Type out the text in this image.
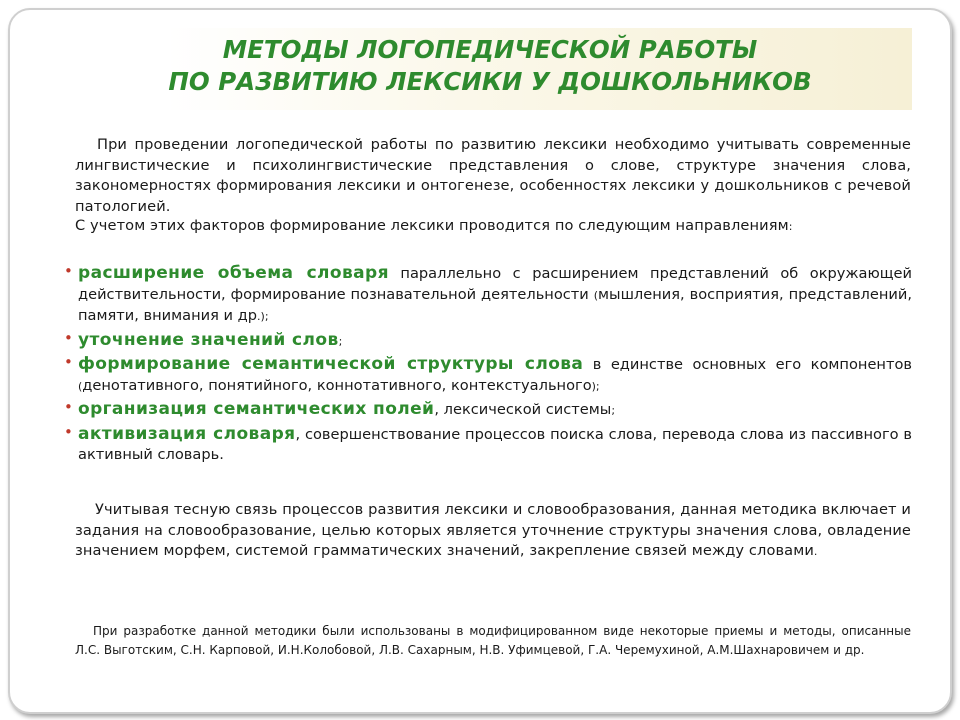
МЕТОДЫ ЛОГОПЕДИЧЕСКОЙ РАБОТЫ
ПО РАЗВИТИЮ ЛЕКСИКИ У ДОШКОЛЬНИКОВ
При проведении логопедической работы по развитию лексики необходимо учитывать современные лингвистические и психолингвистические представления о слове, структуре значения слова, закономерностях формирования лексики и онтогенезе, особенностях лексики у дошкольников с речевой патологией.
С учетом этих факторов формирование лексики проводится по следующим направлениям:
• расширение объема словаря параллельно с расширением представлений об окружающей действительности, формирование познавательной деятельности (мышления, восприятия, представлений, памяти, внимания и др.);
• уточнение значений слов;
• формирование семантической структуры слова в единстве основных его компонентов (денотативного, понятийного, коннотативного, контекстуального);
• организация семантических полей, лексической системы;
• активизация словаря, совершенствование процессов поиска слова, перевода слова из пассивного в активный словарь.
Учитывая тесную связь процессов развития лексики и словообразования, данная методика включает и задания на словообразование, целью которых является уточнение структуры значения слова, овладение значением морфем, системой грамматических значений, закрепление связей между словами.
При разработке данной методики были использованы в модифицированном виде некоторые приемы и методы, описанные Л.С. Выготским, С.Н. Карповой, И.Н.Колобовой, Л.В. Сахарным, Н.В. Уфимцевой, Г.А. Черемухиной, А.М.Шахнаровичем и др.
